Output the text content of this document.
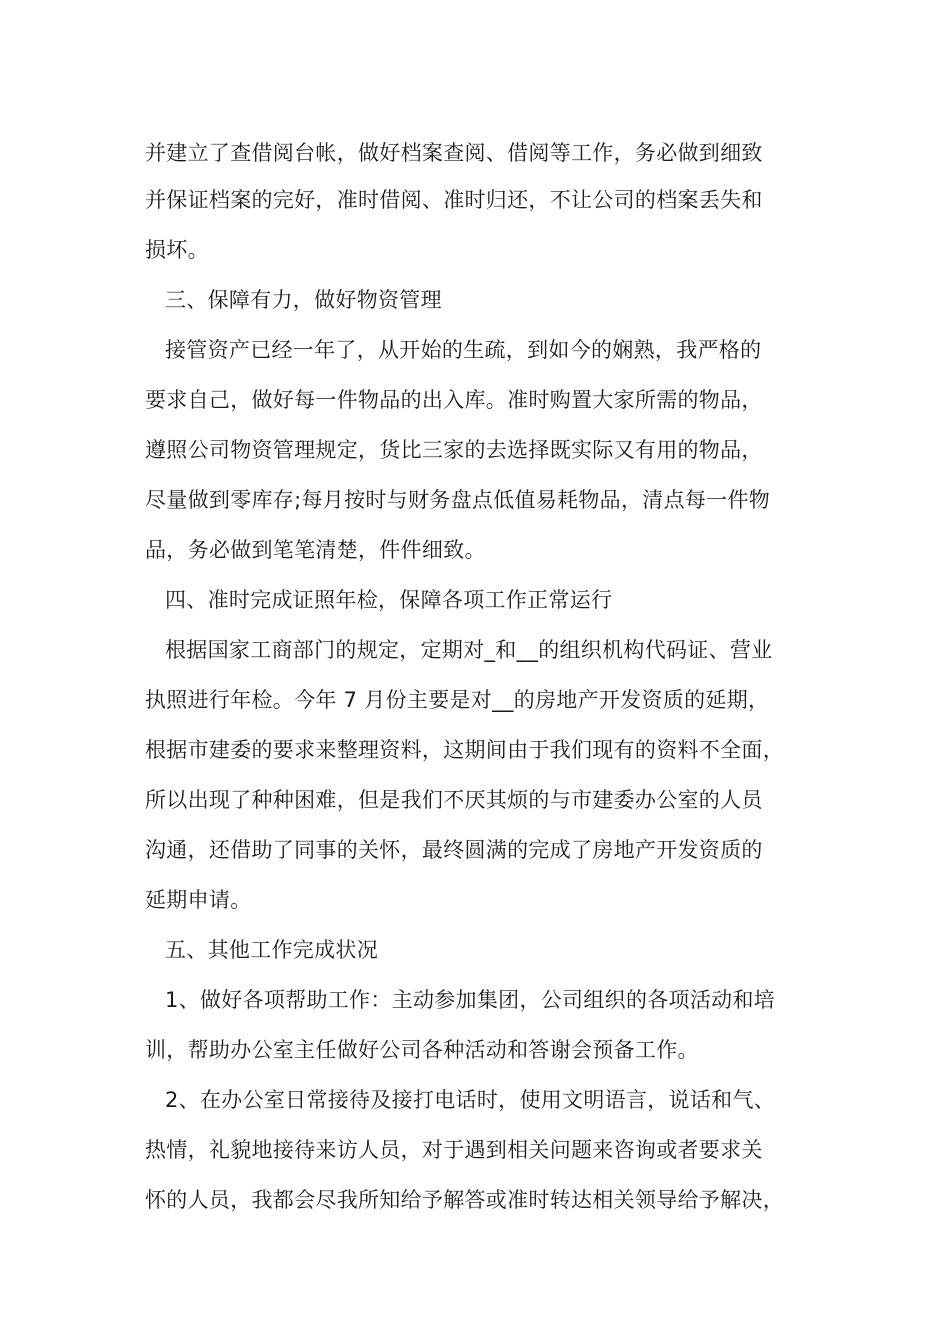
并建立了查借阅台帐，做好档案查阅、借阅等工作，务必做到细致
并保证档案的完好，准时借阅、准时归还，不让公司的档案丢失和
损坏。
三、保障有力，做好物资管理
接管资产已经一年了，从开始的生疏，到如今的娴熟，我严格的
要求自己，做好每一件物品的出入库。准时购置大家所需的物品，
遵照公司物资管理规定，货比三家的去选择既实际又有用的物品，
尽量做到零库存;每月按时与财务盘点低值易耗物品，清点每一件物
品，务必做到笔笔清楚，件件细致。
四、准时完成证照年检，保障各项工作正常运行
根据国家工商部门的规定，定期对_和__的组织机构代码证、营业
执照进行年检。今年 7 月份主要是对__的房地产开发资质的延期，
根据市建委的要求来整理资料，这期间由于我们现有的资料不全面，
所以出现了种种困难，但是我们不厌其烦的与市建委办公室的人员
沟通，还借助了同事的关怀，最终圆满的完成了房地产开发资质的
延期申请。
五、其他工作完成状况
1、做好各项帮助工作：主动参加集团，公司组织的各项活动和培
训，帮助办公室主任做好公司各种活动和答谢会预备工作。
2、在办公室日常接待及接打电话时，使用文明语言，说话和气、
热情，礼貌地接待来访人员，对于遇到相关问题来咨询或者要求关
怀的人员，我都会尽我所知给予解答或准时转达相关领导给予解决，
